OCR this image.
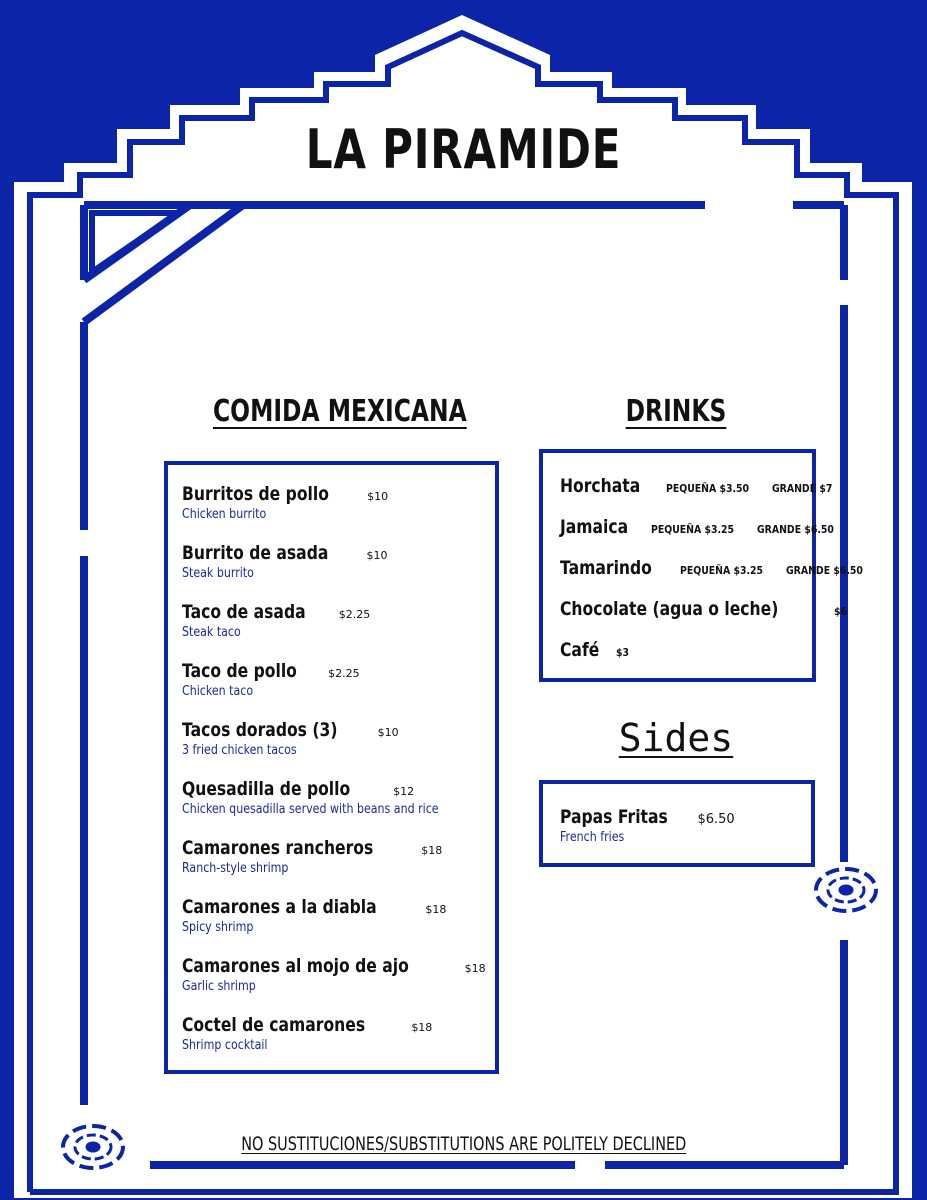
LA PIRAMIDE
COMIDA MEXICANA
Burritos de pollo	$10
Chicken burrito
Burrito de asada	$10
Steak burrito
Taco de asada	$2.25
Steak taco
Taco de pollo	$2.25
Chicken taco
Tacos dorados (3)	$10
3 fried chicken tacos
Quesadilla de pollo	$12
Chicken quesadilla served with beans and rice
Camarones rancheros	$18
Ranch-style shrimp
Camarones a la diabla	$18
Spicy shrimp
Camarones al mojo de ajo	$18
Garlic shrimp
Coctel de camarones	$18
Shrimp cocktail
DRINKS
Horchata PEQUEÑA $3.50 GRANDE $7
Jamaica PEQUEÑA $3.25 GRANDE $6.50
Tamarindo	PEQUEÑA $3.25 GRANDE $6.50
Chocolate (agua o leche)	$6
Café $3
Sides
Papas Fritas $6.50
French fries
NO SUSTITUCIONES/SUBSTITUTIONS ARE POLITELY DECLINED
